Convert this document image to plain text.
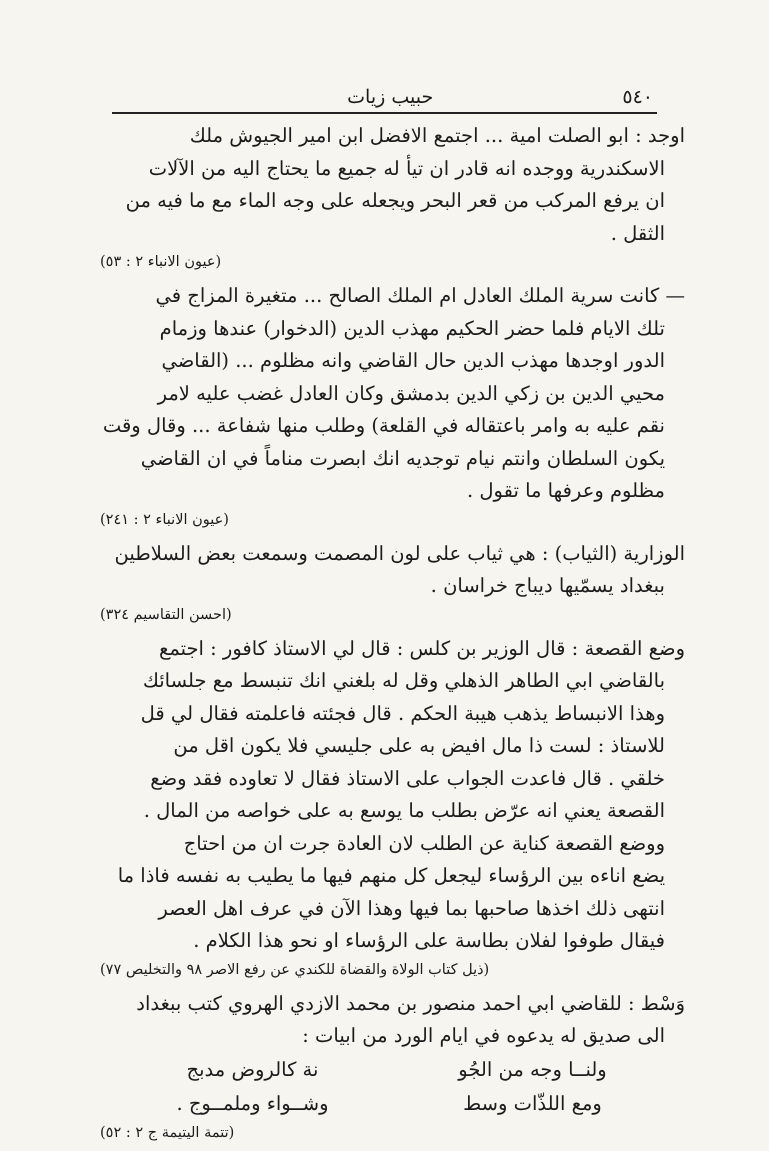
٥٤٠
حبيب زيات

اوجد : ابو الصلت امية ... اجتمع الافضل ابن امير الجيوش ملك

الاسكندرية ووجده انه قادر ان تيأ له جميع ما يحتاج اليه من الآلات

ان يرفع المركب من قعر البحر ويجعله على وجه الماء مع ما فيه من

الثقل .

(عيون الانباء ٢ : ٥٣)

— كانت سرية الملك العادل ام الملك الصالح ... متغيرة المزاج في

تلك الايام فلما حضر الحكيم مهذب الدين (الدخوار) عندها وزمام

الدور اوجدها مهذب الدين حال القاضي وانه مظلوم ... (القاضي

محيي الدين بن زكي الدين بدمشق وكان العادل غضب عليه لامر

نقم عليه به وامر باعتقاله في القلعة) وطلب منها شفاعة ... وقال وقت

يكون السلطان وانتم نيام توجديه انك ابصرت مناماً في ان القاضي

مظلوم وعرفها ما تقول .

(عيون الانباء ٢ : ٢٤١)

الوزارية (الثياب) : هي ثياب على لون المصمت وسمعت بعض السلاطين

ببغداد يسمّيها ديباج خراسان .

(احسن التقاسيم ٣٢٤)

وضع القصعة : قال الوزير بن كلس : قال لي الاستاذ كافور : اجتمع

بالقاضي ابي الطاهر الذهلي وقل له بلغني انك تنبسط مع جلسائك

وهذا الانبساط يذهب هيبة الحكم . قال فجئته فاعلمته فقال لي قل

للاستاذ : لست ذا مال افيض به على جليسي فلا يكون اقل من

خلقي . قال فاعدت الجواب على الاستاذ فقال لا تعاوده فقد وضع

القصعة يعني انه عرّض بطلب ما يوسع به على خواصه من المال .

ووضع القصعة كناية عن الطلب لان العادة جرت ان من احتاج

يضع اناءه بين الرؤساء ليجعل كل منهم فيها ما يطيب به نفسه فاذا ما

انتهى ذلك اخذها صاحبها بما فيها وهذا الآن في عرف اهل العصر

فيقال طوفوا لفلان بطاسة على الرؤساء او نحو هذا الكلام .

(ذيل كتاب الولاة والقضاة للكندي عن رفع الاصر ٩٨ والتخليص ٧٧)

وَسْط : للقاضي ابي احمد منصور بن محمد الازدي الهروي كتب ببغداد

الى صديق له يدعوه في ايام الورد من ابيات :

ولنــا وجه من الجُو
نة كالروض مدبج
ومع اللذّات وسط
وشــواء وملمــوج .
(تتمة اليتيمة ج ٢ : ٥٢)
